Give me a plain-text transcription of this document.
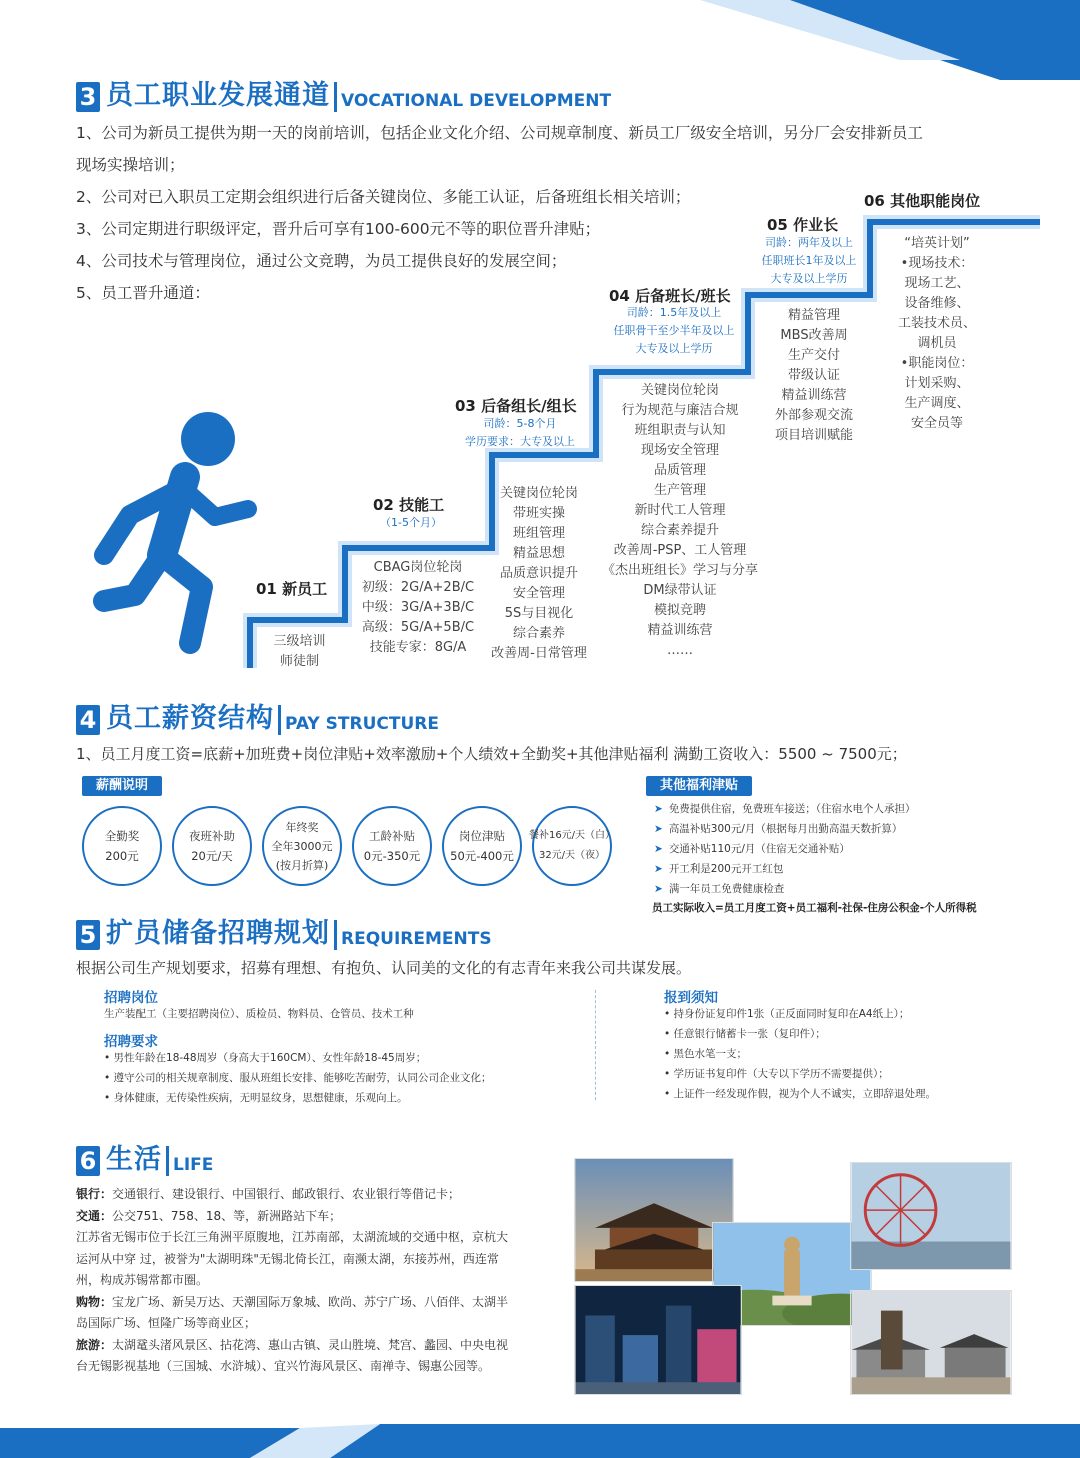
3 员工职业发展通道 VOCATIONAL DEVELOPMENT
1、公司为新员工提供为期一天的岗前培训，包括企业文化介绍、公司规章制度、新员工厂级安全培训，另分厂会安排新员工
现场实操培训；
2、公司对已入职员工定期会组织进行后备关键岗位、多能工认证，后备班组长相关培训；
3、公司定期进行职级评定，晋升后可享有100-600元不等的职位晋升津贴；
4、公司技术与管理岗位，通过公文竞聘，为员工提供良好的发展空间；
5、员工晋升通道：
01 新员工
三级培训
师徒制
02 技能工
（1-5个月）
CBAG岗位轮岗
初级：2G/A+2B/C
中级：3G/A+3B/C
高级：5G/A+5B/C
技能专家：8G/A
03 后备组长/组长
司龄：5-8个月
学历要求：大专及以上
关键岗位轮岗
带班实操
班组管理
精益思想
品质意识提升
安全管理
5S与目视化
综合素养
改善周-日常管理
04 后备班长/班长
司龄：1.5年及以上
任职骨干至少半年及以上
大专及以上学历
关键岗位轮岗
行为规范与廉洁合规
班组职责与认知
现场安全管理
品质管理
生产管理
新时代工人管理
综合素养提升
改善周-PSP、工人管理
《杰出班组长》学习与分享
DM绿带认证
模拟竞聘
精益训练营
……
05 作业长
司龄：两年及以上
任职班长1年及以上
大专及以上学历
精益管理
MBS改善周
生产交付
带级认证
精益训练营
外部参观交流
项目培训赋能
06 其他职能岗位
“培英计划”
•现场技术：
现场工艺、
设备维修、
工装技术员、
调机员
•职能岗位：
计划采购、
生产调度、
安全员等
4 员工薪资结构 PAY STRUCTURE
1、员工月度工资=底薪+加班费+岗位津贴+效率激励+个人绩效+全勤奖+其他津贴福利 满勤工资收入：5500 ~ 7500元；
薪酬说明
全勤奖
200元
夜班补助
20元/天
年终奖
全年3000元
(按月折算)
工龄补贴
0元-350元
岗位津贴
50元-400元
餐补16元/天（白）
32元/天（夜）
其他福利津贴
➤ 免费提供住宿，免费班车接送；（住宿水电个人承担）
➤ 高温补贴300元/月（根据每月出勤高温天数折算）
➤ 交通补贴110元/月（住宿无交通补贴）
➤ 开工利是200元开工红包
➤ 满一年员工免费健康检查
员工实际收入=员工月度工资+员工福利-社保-住房公积金-个人所得税
5 扩员储备招聘规划 REQUIREMENTS
根据公司生产规划要求，招募有理想、有抱负、认同美的文化的有志青年来我公司共谋发展。
招聘岗位
生产装配工（主要招聘岗位）、质检员、物料员、仓管员、技术工种
招聘要求
• 男性年龄在18-48周岁（身高大于160CM）、女性年龄18-45周岁；
• 遵守公司的相关规章制度、服从班组长安排、能够吃苦耐劳，认同公司企业文化；
• 身体健康，无传染性疾病，无明显纹身，思想健康，乐观向上。
报到须知
• 持身份证复印件1张（正反面同时复印在A4纸上）；
• 任意银行储蓄卡一张（复印件）；
• 黑色水笔一支；
• 学历证书复印件（大专以下学历不需要提供）；
• 上证件一经发现作假，视为个人不诚实，立即辞退处理。
6 生活 LIFE
银行：交通银行、建设银行、中国银行、邮政银行、农业银行等借记卡；
交通：公交751、758、18、等，新洲路站下车；
江苏省无锡市位于长江三角洲平原腹地，江苏南部，太湖流域的交通中枢，京杭大
运河从中穿 过，被誉为"太湖明珠"无锡北倚长江，南濒太湖，东接苏州，西连常
州，构成苏锡常都市圈。
购物：宝龙广场、新吴万达、天潮国际万象城、欧尚、苏宁广场、八佰伴、太湖半
岛国际广场、恒隆广场等商业区；
旅游：太湖鼋头渚风景区、拈花湾、惠山古镇、灵山胜境、梵宫、蠡园、中央电视
台无锡影视基地（三国城、水浒城）、宜兴竹海风景区、南禅寺、锡惠公园等。
